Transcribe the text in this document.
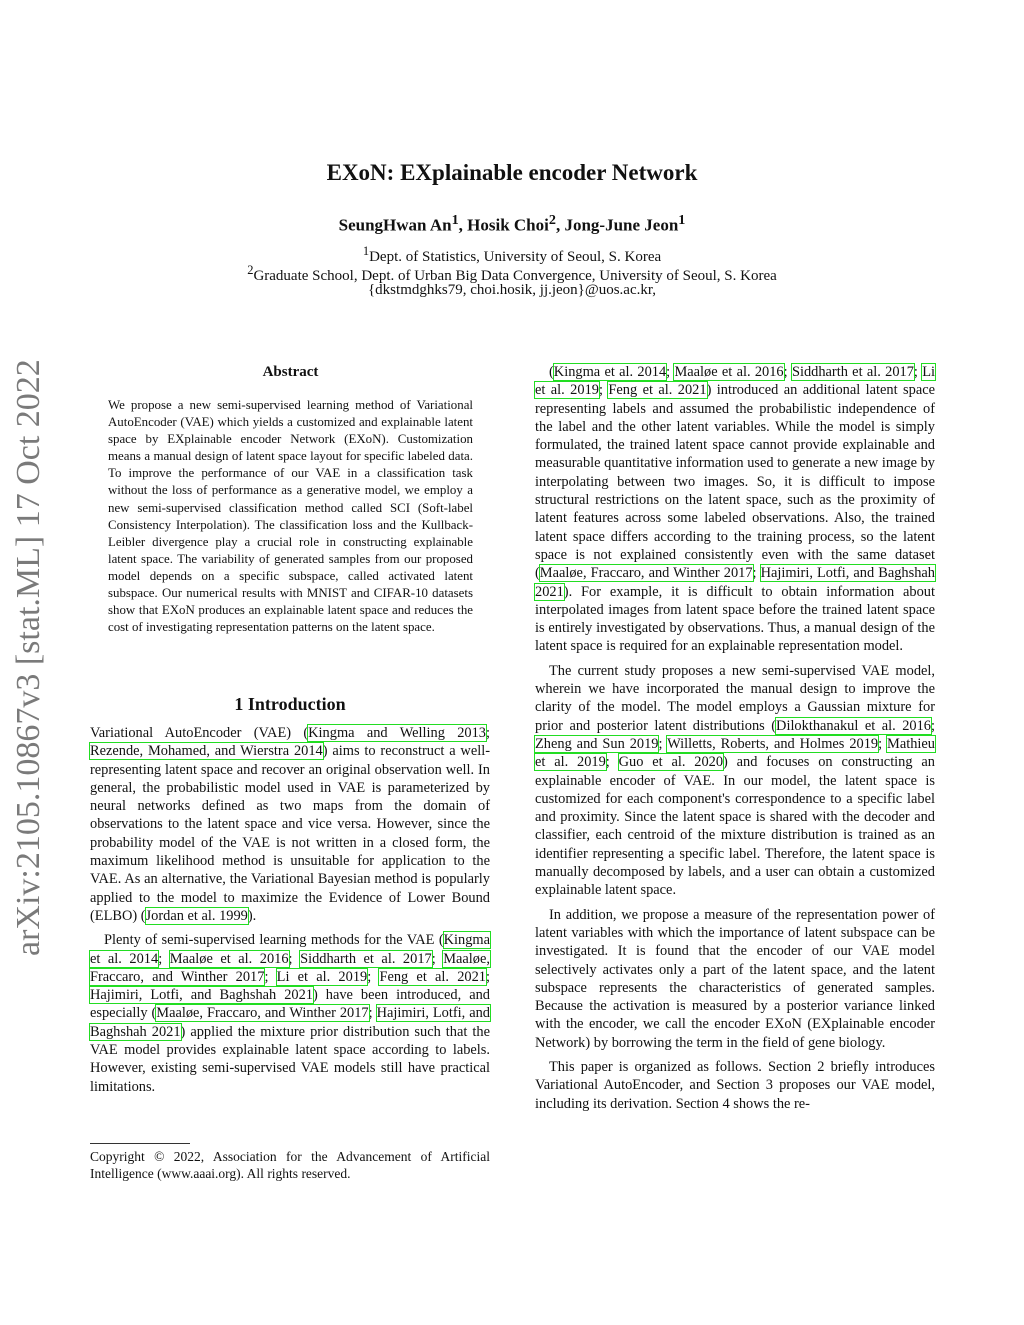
EXoN: EXplainable encoder Network
SeungHwan An$^1$, Hosik Choi$^2$, Jong-June Jeon$^1$
$^1$Dept. of Statistics, University of Seoul, S. Korea
$^2$Graduate School, Dept. of Urban Big Data Convergence, University of Seoul, S. Korea
{dkstmdghks79, choi.hosik, jj.jeon}@uos.ac.kr,
arXiv:2105.10867v3 [stat.ML] 17 Oct 2022	Abstract
We propose a new semi-supervised learning method of Variational AutoEncoder (VAE) which yields a customized and explainable latent space by EXplainable encoder Network (EXoN). Customization means a manual design of latent space layout for specific labeled data. To improve the performance of our VAE in a classification task without the loss of performance as a generative model, we employ a new semi-supervised classification method called SCI (Soft-label Consistency Interpolation). The classification loss and the Kullback-Leibler divergence play a crucial role in constructing explainable latent space. The variability of generated samples from our proposed model depends on a specific subspace, called activated latent subspace. Our numerical results with MNIST and CIFAR-10 datasets show that EXoN produces an explainable latent space and reduces the cost of investigating representation patterns on the latent space.
1 Introduction

Variational AutoEncoder (VAE) (Kingma and Welling 2013; Rezende, Mohamed, and Wierstra 2014) aims to reconstruct a well-representing latent space and recover an original observation well. In general, the probabilistic model used in VAE is parameterized by neural networks defined as two maps from the domain of observations to the latent space and vice versa. However, since the probability model of the VAE is not written in a closed form, the maximum likelihood method is unsuitable for application to the VAE. As an alternative, the Variational Bayesian method is popularly applied to the model to maximize the Evidence of Lower Bound (ELBO) (Jordan et al. 1999).

Plenty of semi-supervised learning methods for the VAE (Kingma et al. 2014; Maaløe et al. 2016; Siddharth et al. 2017; Maaløe, Fraccaro, and Winther 2017; Li et al. 2019; Feng et al. 2021; Hajimiri, Lotfi, and Baghshah 2021) have been introduced, and especially (Maaløe, Fraccaro, and Winther 2017; Hajimiri, Lotfi, and Baghshah 2021) applied the mixture prior distribution such that the VAE model provides explainable latent space according to labels. However, existing semi-supervised VAE models still have practical limitations.

Copyright © 2022, Association for the Advancement of Artificial Intelligence (www.aaai.org). All rights reserved.

(Kingma et al. 2014; Maaløe et al. 2016; Siddharth et al. 2017; Li et al. 2019; Feng et al. 2021) introduced an additional latent space representing labels and assumed the probabilistic independence of the label and the other latent variables. While the model is simply formulated, the trained latent space cannot provide explainable and measurable quantitative information used to generate a new image by interpolating between two images. So, it is difficult to impose structural restrictions on the latent space, such as the proximity of latent features across some labeled observations. Also, the trained latent space differs according to the training process, so the latent space is not explained consistently even with the same dataset (Maaløe, Fraccaro, and Winther 2017; Hajimiri, Lotfi, and Baghshah 2021). For example, it is difficult to obtain information about interpolated images from latent space before the trained latent space is entirely investigated by observations. Thus, a manual design of the latent space is required for an explainable representation model.

The current study proposes a new semi-supervised VAE model, wherein we have incorporated the manual design to improve the clarity of the model. The model employs a Gaussian mixture for prior and posterior latent distributions (Dilokthanakul et al. 2016; Zheng and Sun 2019; Willetts, Roberts, and Holmes 2019; Mathieu et al. 2019; Guo et al. 2020) and focuses on constructing an explainable encoder of VAE. In our model, the latent space is customized for each component's correspondence to a specific label and proximity. Since the latent space is shared with the decoder and classifier, each centroid of the mixture distribution is trained as an identifier representing a specific label. Therefore, the latent space is manually decomposed by labels, and a user can obtain a customized explainable latent space.

In addition, we propose a measure of the representation power of latent variables with which the importance of latent subspace can be investigated. It is found that the encoder of our VAE model selectively activates only a part of the latent space, and the latent subspace represents the characteristics of generated samples. Because the activation is measured by a posterior variance linked with the encoder, we call the encoder EXoN (EXplainable encoder Network) by borrowing the term in the field of gene biology.

This paper is organized as follows. Section 2 briefly introduces Variational AutoEncoder, and Section 3 proposes our VAE model, including its derivation. Section 4 shows the re-
